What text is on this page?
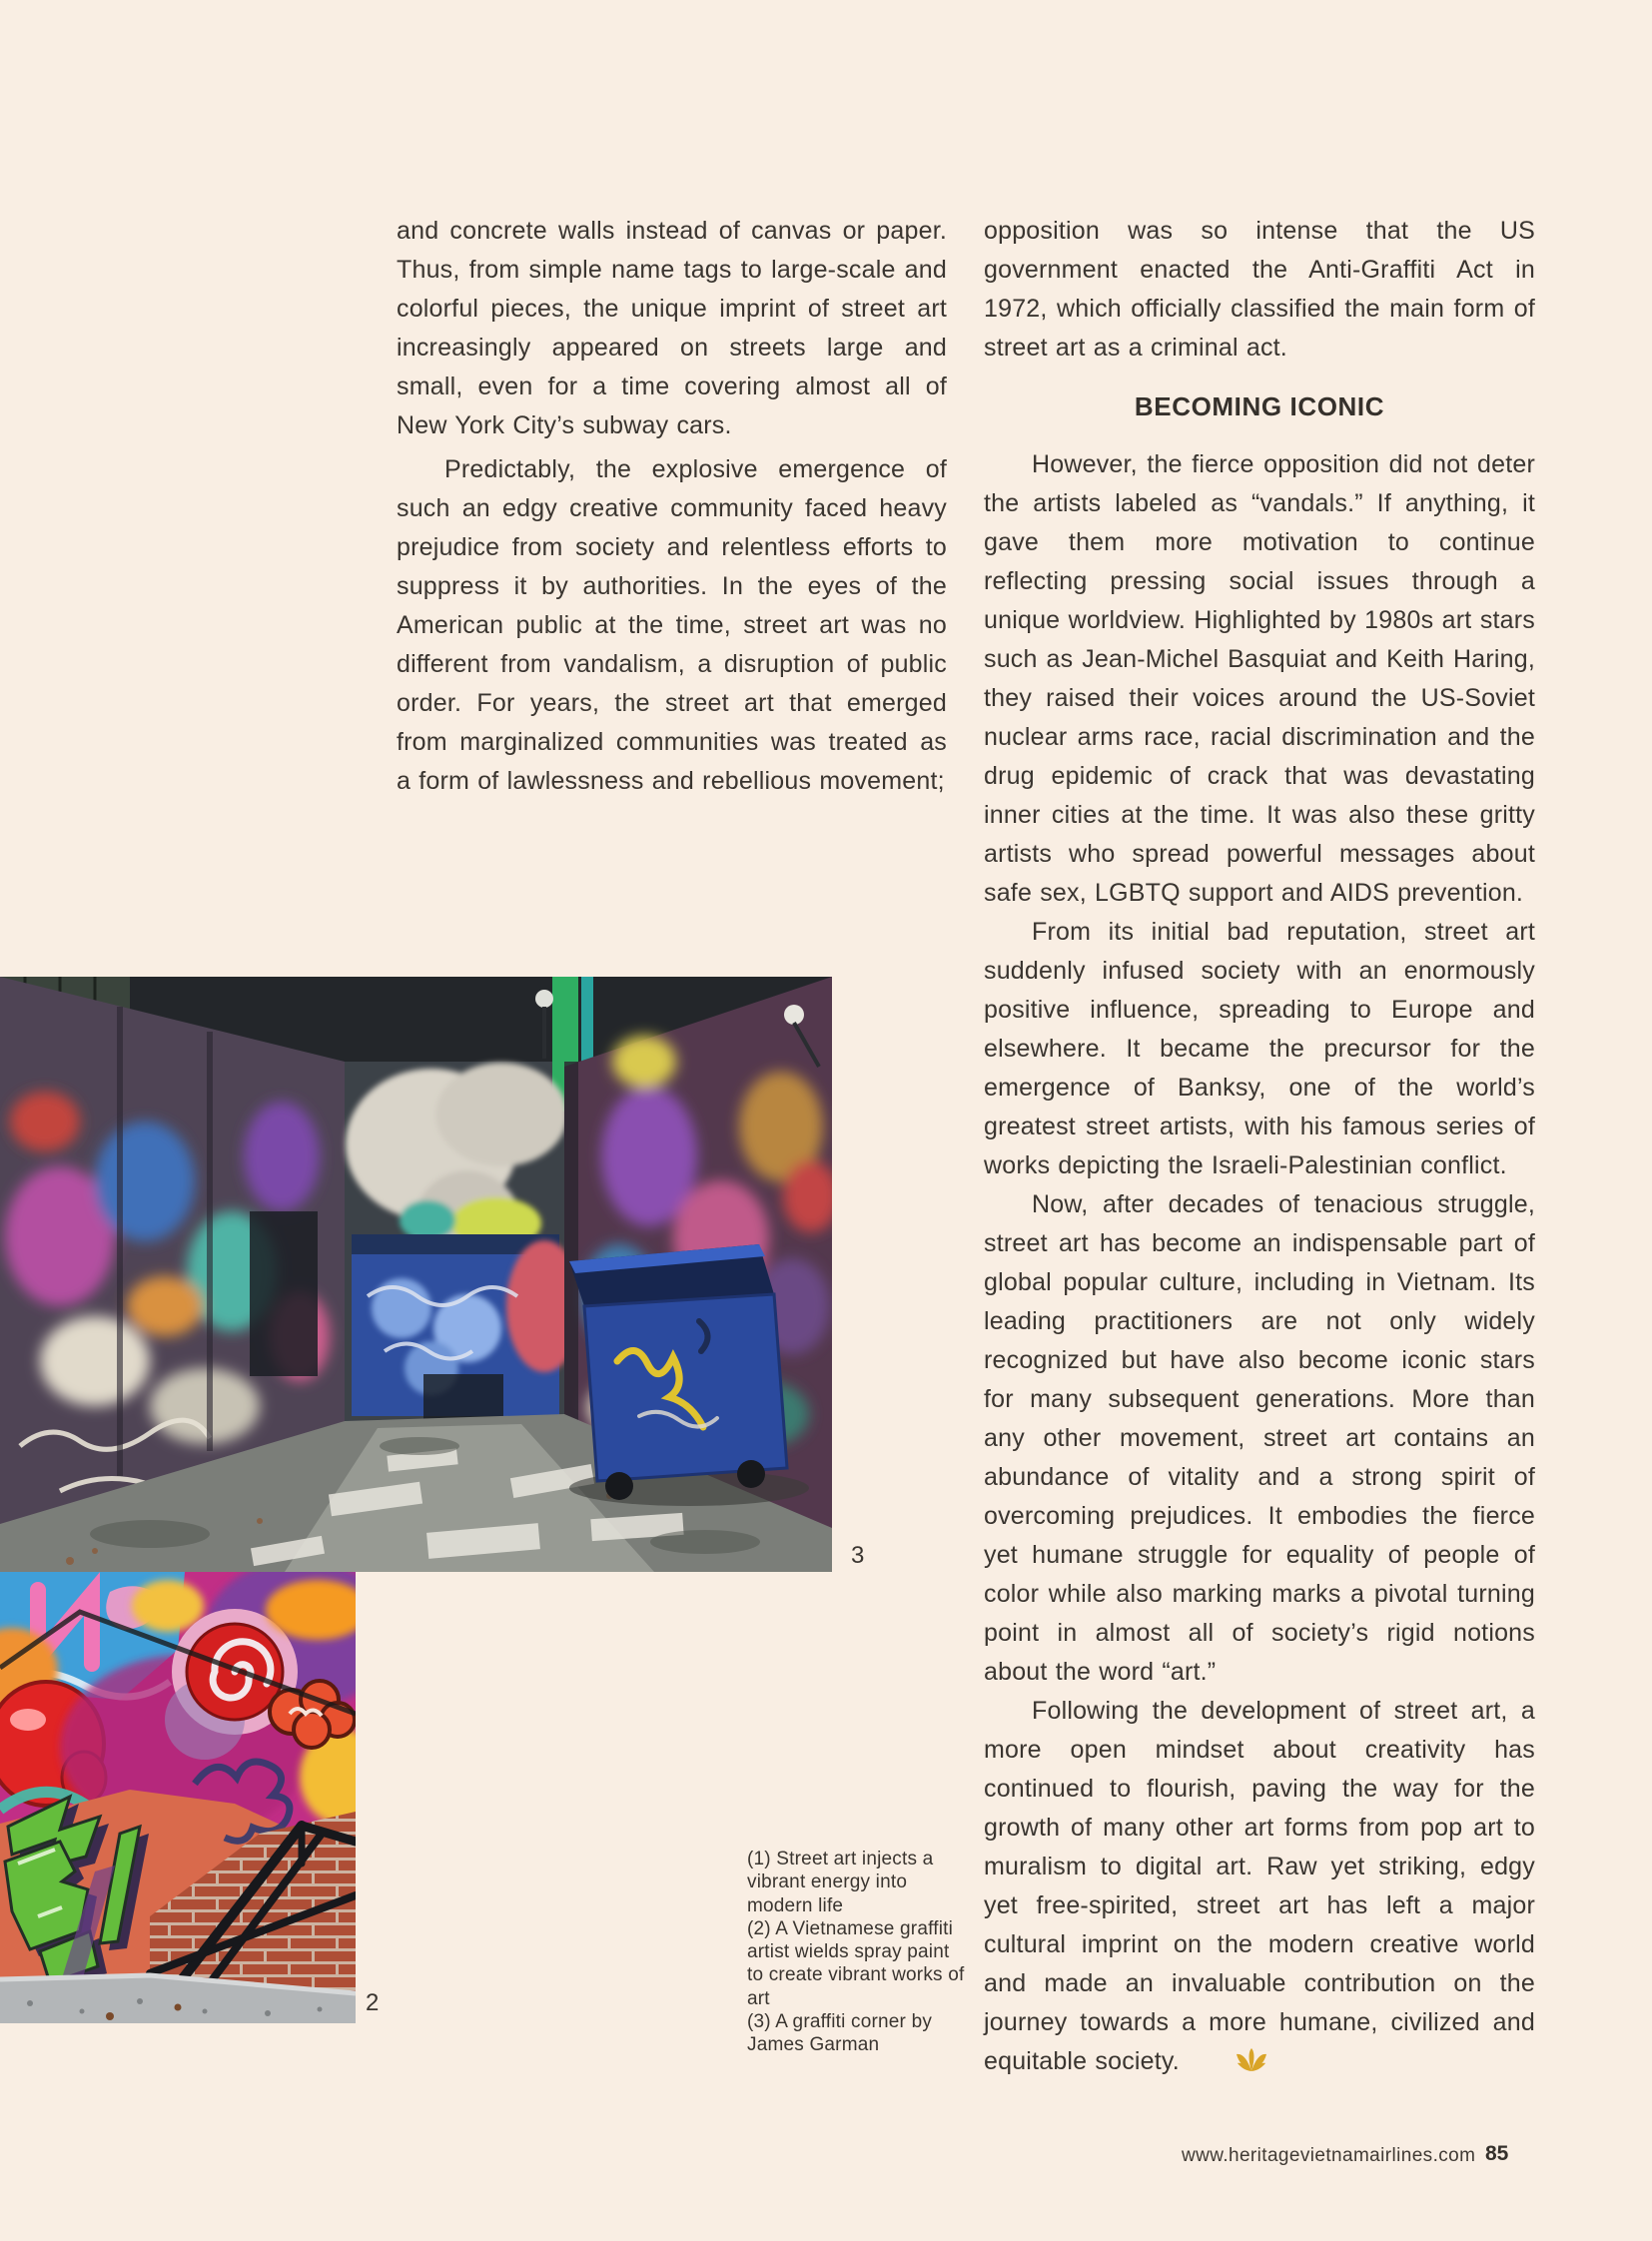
and concrete walls instead of canvas or paper. Thus, from simple name tags to large-scale and colorful pieces, the unique imprint of street art increasingly appeared on streets large and small, even for a time covering almost all of New York City’s subway cars.

Predictably, the explosive emergence of such an edgy creative community faced heavy prejudice from society and relentless efforts to suppress it by authorities. In the eyes of the American public at the time, street art was no different from vandalism, a disruption of public order. For years, the street art that emerged from marginalized communities was treated as a form of lawlessness and rebellious movement;

opposition was so intense that the US government enacted the Anti-Graffiti Act in 1972, which officially classified the main form of street art as a criminal act.

BECOMING ICONIC

However, the fierce opposition did not deter the artists labeled as “vandals.” If anything, it gave them more motivation to continue reflecting pressing social issues through a unique worldview. Highlighted by 1980s art stars such as Jean-Michel Basquiat and Keith Haring, they raised their voices around the US-Soviet nuclear arms race, racial discrimination and the drug epidemic of crack that was devastating inner cities at the time. It was also these gritty artists who spread powerful messages about safe sex, LGBTQ support and AIDS prevention.

From its initial bad reputation, street art suddenly infused society with an enormously positive influence, spreading to Europe and elsewhere. It became the precursor for the emergence of Banksy, one of the world’s greatest street artists, with his famous series of works depicting the Israeli-Palestinian conflict.

Now, after decades of tenacious struggle, street art has become an indispensable part of global popular culture, including in Vietnam. Its leading practitioners are not only widely recognized but have also become iconic stars for many subsequent generations. More than any other movement, street art contains an abundance of vitality and a strong spirit of overcoming prejudices. It embodies the fierce yet humane struggle for equality of people of color while also marking marks a pivotal turning point in almost all of society’s rigid notions about the word “art.”

Following the development of street art, a more open mindset about creativity has continued to flourish, paving the way for the growth of many other art forms from pop art to muralism to digital art. Raw yet striking, edgy yet free-spirited, street art has left a major cultural imprint on the modern creative world and made an invaluable contribution on the journey towards a more humane, civilized and equitable society.

3
2
(1) Street art injects a vibrant energy into modern life
(2) A Vietnamese graffiti artist wields spray paint to create vibrant works of art
(3) A graffiti corner by James Garman
www.heritagevietnamairlines.com 85
